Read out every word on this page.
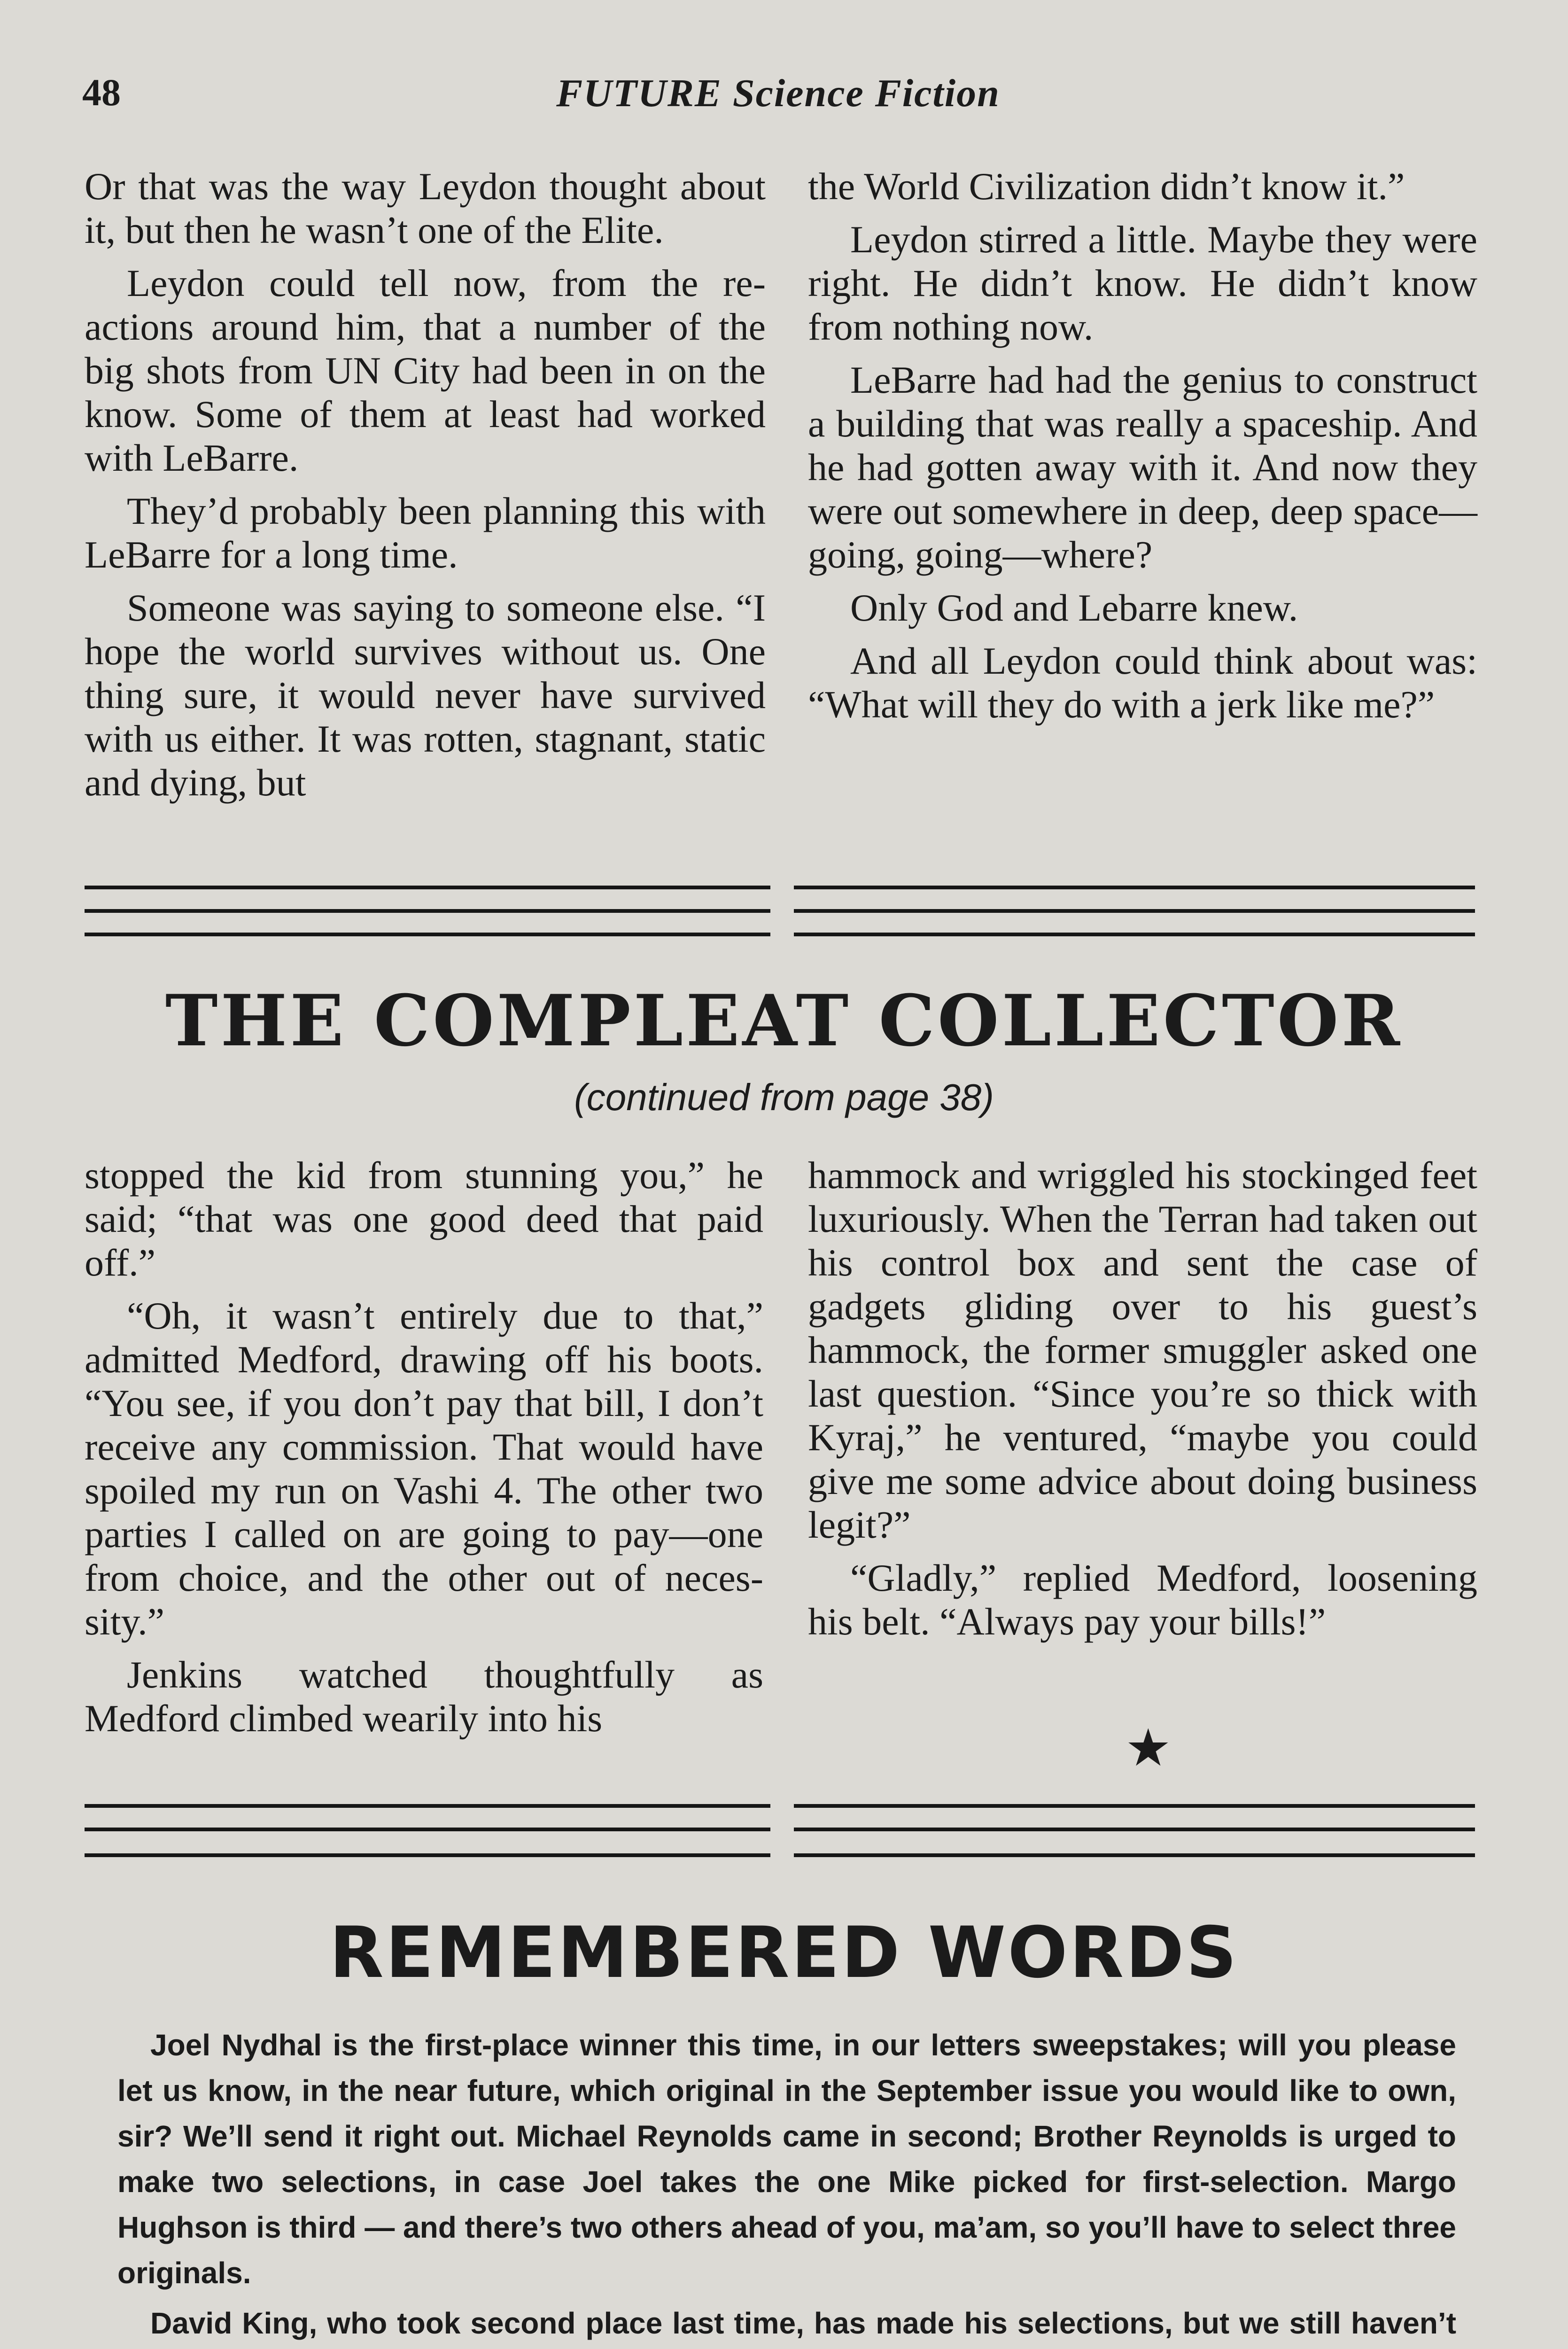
48	FUTURE Science Fiction

Or that was the way Leydon thought about it, but then he wasn’t one of the Elite.

Leydon could tell now, from the reactions around him, that a number of the big shots from UN City had been in on the know. Some of them at least had worked with LeBarre.

They’d probably been planning this with LeBarre for a long time.

Someone was saying to someone else. “I hope the world survives without us. One thing sure, it would never have survived with us either. It was rotten, stagnant, static and dying, but

the World Civilization didn’t know it.”

Leydon stirred a little. Maybe they were right. He didn’t know. He didn’t know from nothing now.

LeBarre had had the genius to construct a building that was really a spaceship. And he had gotten away with it. And now they were out somewhere in deep, deep space—going, going—where?

Only God and Lebarre knew.

And all Leydon could think about was: “What will they do with a jerk like me?”

THE COMPLEAT COLLECTOR
(continued from page 38)

stopped the kid from stunning you,” he said; “that was one good deed that paid off.”

“Oh, it wasn’t entirely due to that,” admitted Medford, drawing off his boots. “You see, if you don’t pay that bill, I don’t receive any commission. That would have spoiled my run on Vashi 4. The other two parties I called on are going to pay—one from choice, and the other out of necessity.”

Jenkins watched thoughtfully as Medford climbed wearily into his

hammock and wriggled his stockinged feet luxuriously. When the Terran had taken out his control box and sent the case of gadgets gliding over to his guest’s hammock, the former smuggler asked one last question. “Since you’re so thick with Kyraj,” he ventured, “maybe you could give me some advice about doing business legit?”

“Gladly,” replied Medford, loosening his belt. “Always pay your bills!”

★
REMEMBERED WORDS

Joel Nydhal is the first-place winner this time, in our letters sweepstakes; will you please let us know, in the near future, which original in the September issue you would like to own, sir? We’ll send it right out. Michael Reynolds came in second; Brother Reynolds is urged to make two selections, in case Joel takes the one Mike picked for first-selection. Margo Hughson is third — and there’s two others ahead of you, ma’am, so you’ll have to select three originals.

David King, who took second place last time, has made his selections, but we still haven’t
